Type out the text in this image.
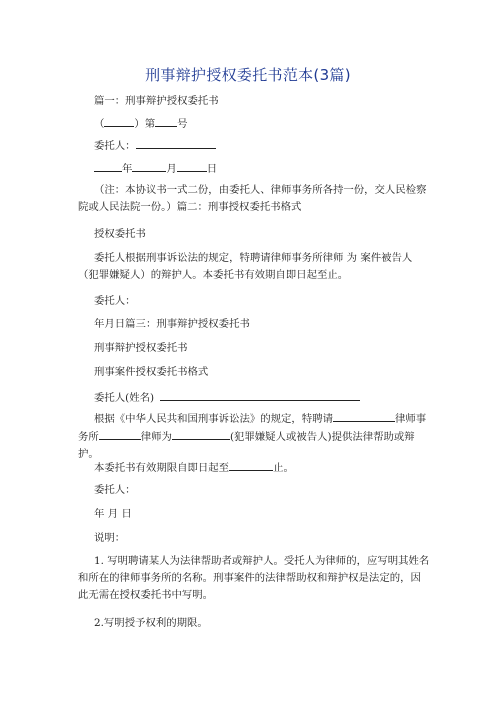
刑事辩护授权委托书范本(3篇)
篇一：刑事辩护授权委托书
（	）第 号
委托人：
年	月	日
（注：本协议书一式二份，由委托人、律师事务所各持一份，交人民检察院或人民法院一份。）篇二：刑事授权委托书格式
授权委托书
委托人根据刑事诉讼法的规定，特聘请律师事务所律师 为 案件被告人（犯罪嫌疑人）的辩护人。本委托书有效期自即日起至止。
委托人：
年月日篇三：刑事辩护授权委托书
刑事辩护授权委托书
刑事案件授权委托书格式
委托人(姓名)
根据《中华人民共和国刑事诉讼法》的规定，特聘请	律师事务所	律师为	(犯罪嫌疑人或被告人)提供法律帮助或辩护。
本委托书有效期限自即日起至	止。
委托人：
年 月 日
说明：
1. 写明聘请某人为法律帮助者或辩护人。受托人为律师的，应写明其姓名和所在的律师事务所的名称。刑事案件的法律帮助权和辩护权是法定的，因此无需在授权委托书中写明。
2.写明授予权利的期限。
